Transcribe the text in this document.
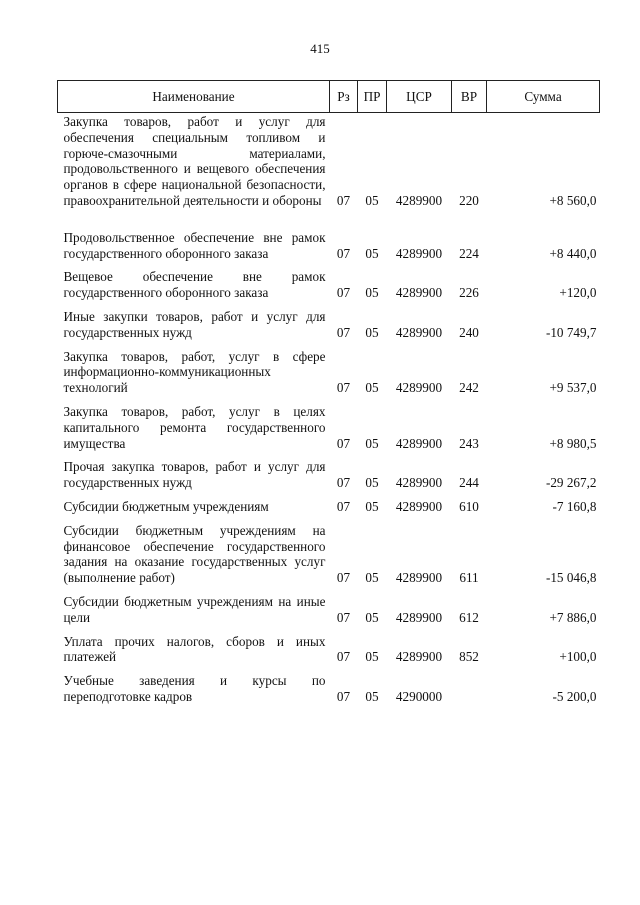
415
Наименование	Рз	ПР	ЦСР	ВР	Сумма
Закупка товаров, работ и услуг для обеспечения специальным топливом и горюче-смазочными материалами, продовольственного и вещевого обеспечения органов в сфере национальной безопасности, правоохранительной деятельности и обороны	07	05	4289900	220	+8 560,0
Продовольственное обеспечение вне рамок государственного оборонного заказа	07	05	4289900	224	+8 440,0
Вещевое обеспечение вне рамок государственного оборонного заказа	07	05	4289900	226	+120,0
Иные закупки товаров, работ и услуг для государственных нужд	07	05	4289900	240	-10 749,7
Закупка товаров, работ, услуг в сфере информационно-коммуникационных технологий	07	05	4289900	242	+9 537,0
Закупка товаров, работ, услуг в целях капитального ремонта государственного имущества	07	05	4289900	243	+8 980,5
Прочая закупка товаров, работ и услуг для государственных нужд	07	05	4289900	244	-29 267,2
Субсидии бюджетным учреждениям	07	05	4289900	610	-7 160,8
Субсидии бюджетным учреждениям на финансовое обеспечение государственного задания на оказание государственных услуг (выполнение работ)	07	05	4289900	611	-15 046,8
Субсидии бюджетным учреждениям на иные цели	07	05	4289900	612	+7 886,0
Уплата прочих налогов, сборов и иных платежей	07	05	4289900	852	+100,0
Учебные заведения и курсы по переподготовке кадров	07	05	4290000		-5 200,0
